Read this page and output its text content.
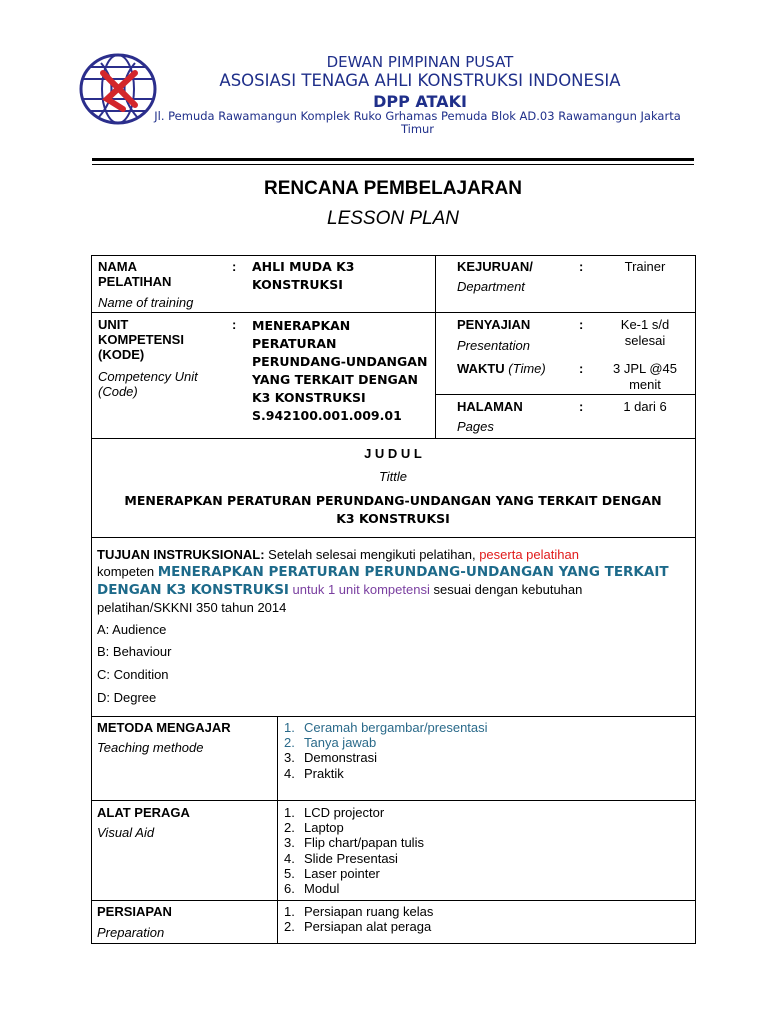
DEWAN PIMPINAN PUSAT
ASOSIASI TENAGA AHLI KONSTRUKSI INDONESIA
DPP ATAKI
Jl. Pemuda Rawamangun Komplek Ruko Grhamas Pemuda Blok AD.03 Rawamangun Jakarta Timur
RENCANA PEMBELAJARAN
LESSON PLAN
NAMA PELATIHAN
Name of training
: AHLI MUDA K3 KONSTRUKSI
UNIT KOMPETENSI (KODE)
Competency Unit (Code)
: MENERAPKAN PERATURAN PERUNDANG-UNDANGAN YANG TERKAIT DENGAN K3 KONSTRUKSI S.942100.001.009.01
KEJURUAN/
Department
:	Trainer
PENYAJIAN
Presentation
:	Ke-1 s/d selesai
WAKTU (Time)	:	3 JPL @45 menit
HALAMAN
Pages
:	1 dari 6
J U D U L
Tittle
MENERAPKAN PERATURAN PERUNDANG-UNDANGAN YANG TERKAIT DENGAN K3 KONSTRUKSI
TUJUAN INSTRUKSIONAL: Setelah selesai mengikuti pelatihan, peserta pelatihan
kompeten MENERAPKAN PERATURAN PERUNDANG-UNDANGAN YANG TERKAIT DENGAN K3 KONSTRUKSI untuk 1 unit kompetensi sesuai dengan kebutuhan pelatihan/SKKNI 350 tahun 2014
A: Audience
B: Behaviour
C: Condition
D: Degree
METODA MENGAJAR
Teaching methode
1. Ceramah bergambar/presentasi
2. Tanya jawab
3. Demonstrasi
4. Praktik
ALAT PERAGA
Visual Aid
1. LCD projector
2. Laptop
3. Flip chart/papan tulis
4. Slide Presentasi
5. Laser pointer
6. Modul
PERSIAPAN
Preparation
1. Persiapan ruang kelas
2. Persiapan alat peraga
